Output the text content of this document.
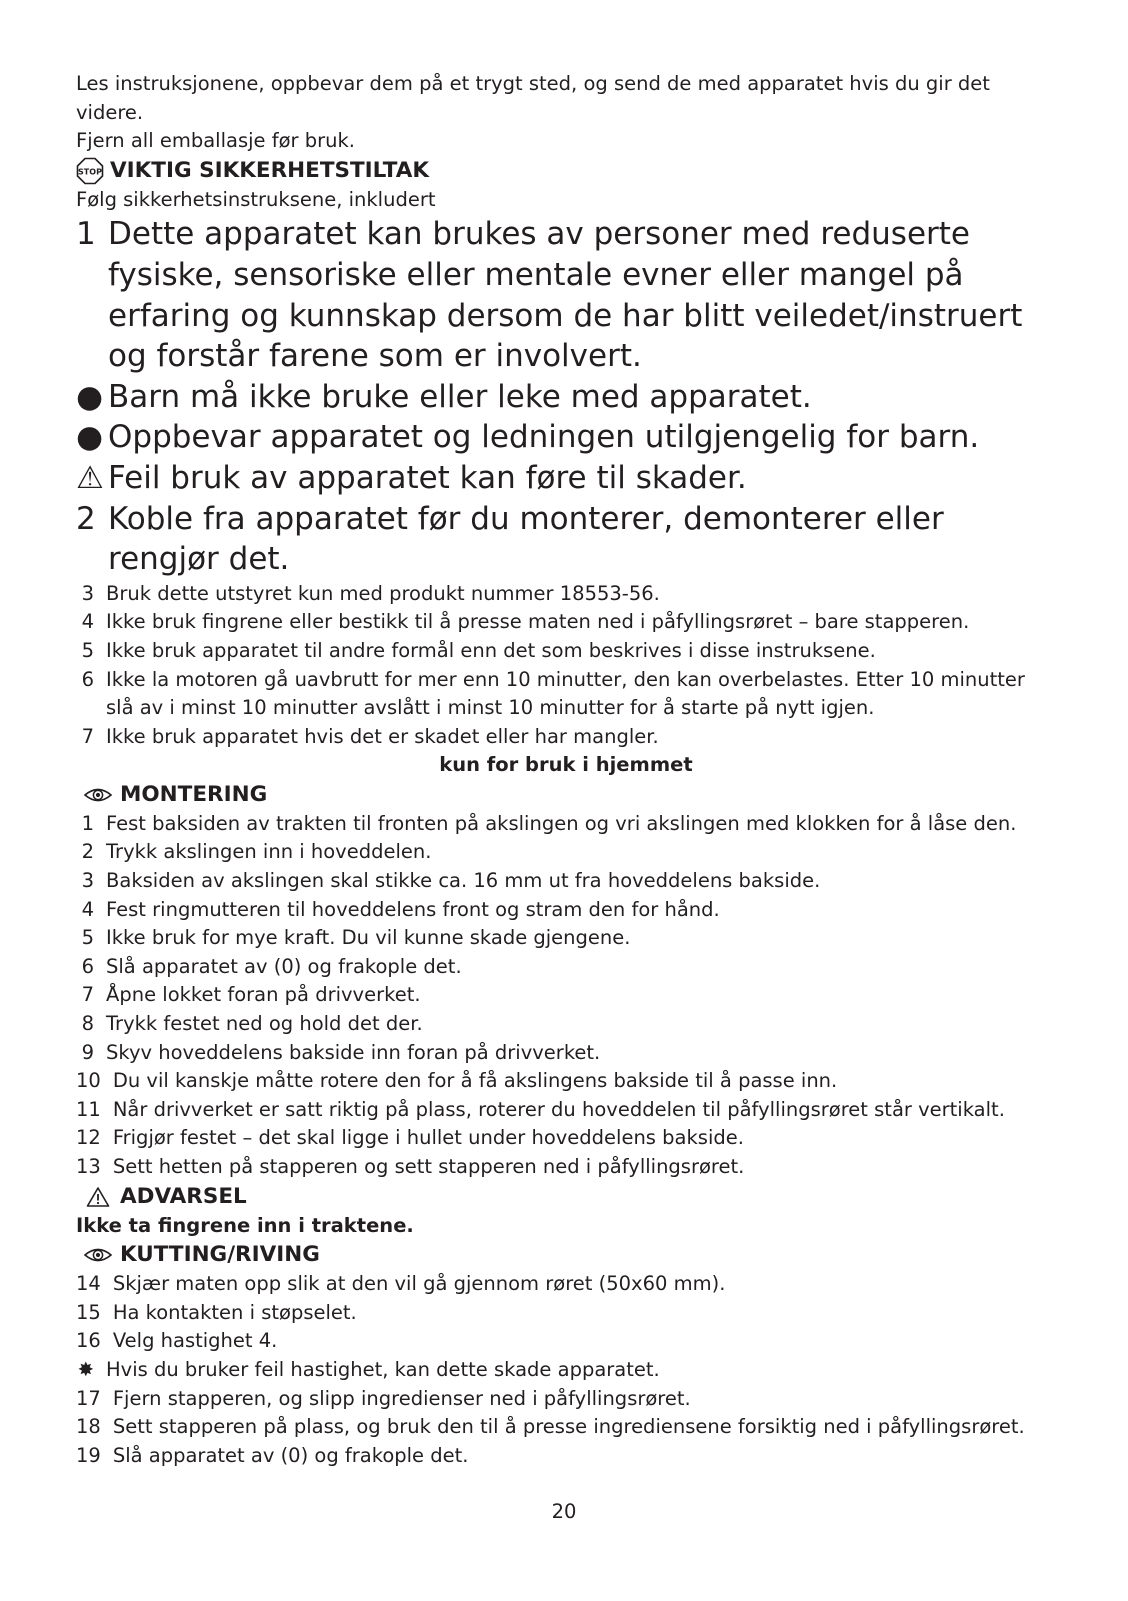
Les instruksjonene, oppbevar dem på et trygt sted, og send de med apparatet hvis du gir det videre.

Fjern all emballasje før bruk.

STOP VIKTIG SIKKERHETSTILTAK
Følg sikkerhetsinstruksene, inkludert
1 Dette apparatet kan brukes av personer med reduserte fysiske, sensoriske eller mentale evner eller mangel på erfaring og kunnskap dersom de har blitt veiledet/instruert og forstår farene som er involvert.
● Barn må ikke bruke eller leke med apparatet.
● Oppbevar apparatet og ledningen utilgjengelig for barn.
⚠ Feil bruk av apparatet kan føre til skader.
2 Koble fra apparatet før du monterer, demonterer eller rengjør det.
3 Bruk dette utstyret kun med produkt nummer 18553-56.
4 Ikke bruk fingrene eller bestikk til å presse maten ned i påfyllingsrøret – bare stapperen.
5 Ikke bruk apparatet til andre formål enn det som beskrives i disse instruksene.
6 Ikke la motoren gå uavbrutt for mer enn 10 minutter, den kan overbelastes. Etter 10 minutter slå av i minst 10 minutter avslått i minst 10 minutter for å starte på nytt igjen.
7 Ikke bruk apparatet hvis det er skadet eller har mangler.
kun for bruk i hjemmet
MONTERING
1 Fest baksiden av trakten til fronten på akslingen og vri akslingen med klokken for å låse den.
2 Trykk akslingen inn i hoveddelen.
3 Baksiden av akslingen skal stikke ca. 16 mm ut fra hoveddelens bakside.
4 Fest ringmutteren til hoveddelens front og stram den for hånd.
5 Ikke bruk for mye kraft. Du vil kunne skade gjengene.
6 Slå apparatet av (0) og frakople det.
7 Åpne lokket foran på drivverket.
8 Trykk festet ned og hold det der.
9 Skyv hoveddelens bakside inn foran på drivverket.
10 Du vil kanskje måtte rotere den for å få akslingens bakside til å passe inn.
11 Når drivverket er satt riktig på plass, roterer du hoveddelen til påfyllingsrøret står vertikalt.
12 Frigjør festet – det skal ligge i hullet under hoveddelens bakside.
13 Sett hetten på stapperen og sett stapperen ned i påfyllingsrøret.
ADVARSEL
Ikke ta fingrene inn i traktene.
KUTTING/RIVING
14 Skjær maten opp slik at den vil gå gjennom røret (50x60 mm).
15 Ha kontakten i støpselet.
16 Velg hastighet 4.
✸ Hvis du bruker feil hastighet, kan dette skade apparatet.
17 Fjern stapperen, og slipp ingredienser ned i påfyllingsrøret.
18 Sett stapperen på plass, og bruk den til å presse ingrediensene forsiktig ned i påfyllingsrøret.
19 Slå apparatet av (0) og frakople det.
20
